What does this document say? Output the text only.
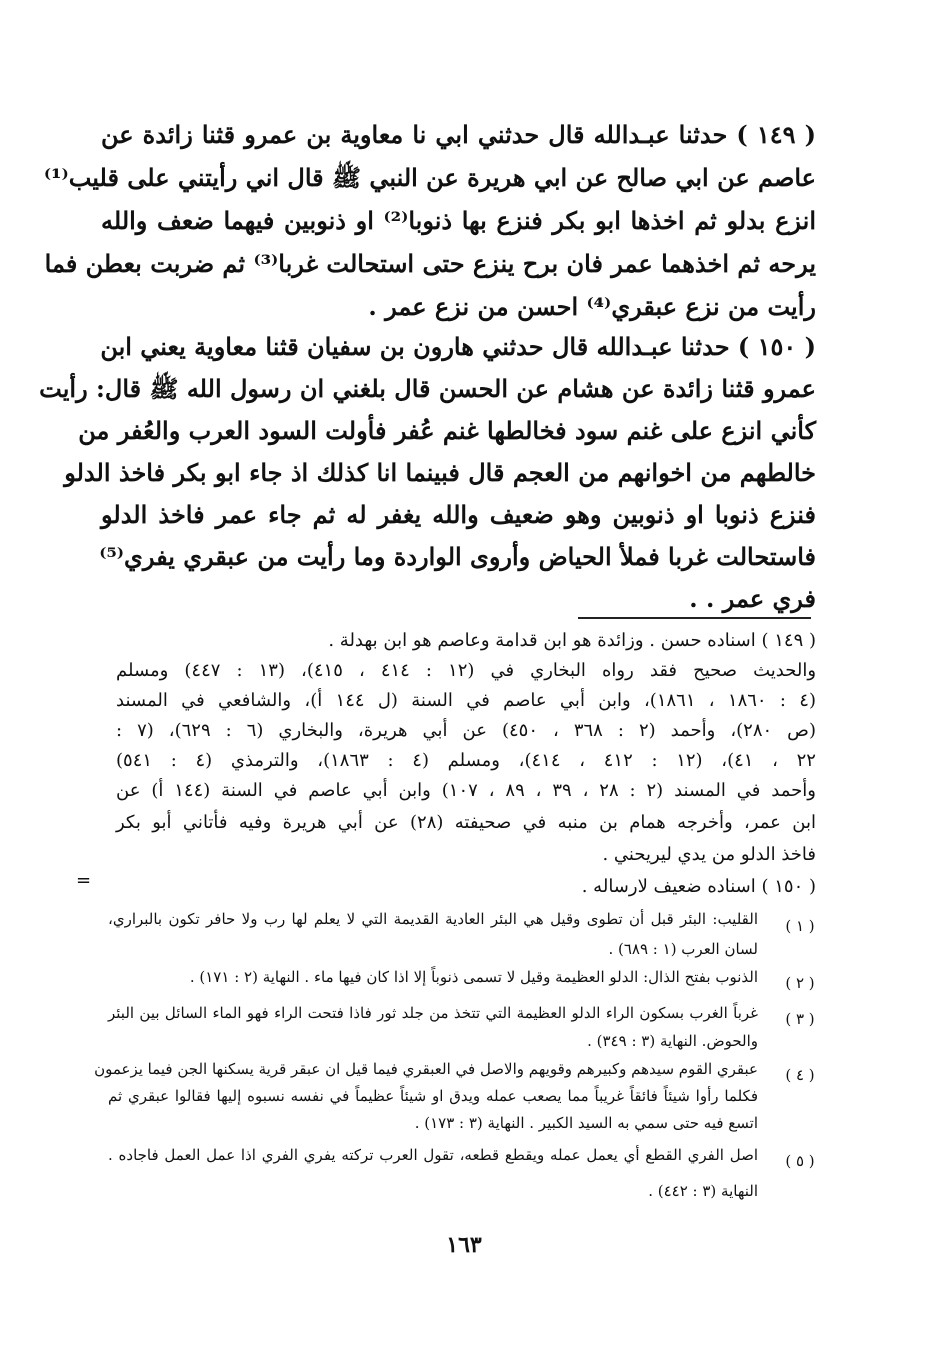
( ١٤٩ ) حدثنا عبـدالله قال حدثني ابي نا معاوية بن عمرو قثنا زائدة عن
عاصم عن ابي صالح عن ابي هريرة عن النبي ﷺ قال اني رأيتني على قليب⁽¹⁾
انزع بدلو ثم اخذها ابو بكر فنزع بها ذنوبا⁽²⁾ او ذنوبين فيهما ضعف والله
يرحه ثم اخذهما عمر فان برح ينزع حتى استحالت غربا⁽³⁾ ثم ضربت بعطن فما
رأيت من نزع عبقري⁽⁴⁾ احسن من نزع عمر .
( ١٥٠ ) حدثنا عبـدالله قال حدثني هارون بن سفيان قثنا معاوية يعني ابن
عمرو قثنا زائدة عن هشام عن الحسن قال بلغني ان رسول الله ﷺ قال: رأيت
كأني انزع على غنم سود فخالطها غنم عُفر فأولت السود العرب والعُفر من
خالطهم من اخوانهم من العجم قال فبينما انا كذلك اذ جاء ابو بكر فاخذ الدلو
فنزع ذنوبا او ذنوبين وهو ضعيف والله يغفر له ثم جاء عمر فاخذ الدلو
فاستحالت غربا فملأ الحياض وأروى الواردة وما رأيت من عبقري يفري⁽⁵⁾
فري عمر . .
( ١٤٩ ) اسناده حسن . وزائدة هو ابن قدامة وعاصم هو ابن بهدلة .
والحديث صحيح فقد رواه البخاري في (١٢ : ٤١٤ ، ٤١٥)، (١٣ : ٤٤٧) ومسلم
(٤ : ١٨٦٠ ، ١٨٦١)، وابن أبي عاصم في السنة (ل ١٤٤ أ)، والشافعي في المسند
(ص ٢٨٠)، وأحمد (٢ : ٣٦٨ ، ٤٥٠) عن أبي هريرة، والبخاري (٦ : ٦٢٩)، (٧ :
٢٢ ، ٤١)، (١٢ : ٤١٢ ، ٤١٤)، ومسلم (٤ : ١٨٦٣)، والترمذي (٤ : ٥٤١)
وأحمد في المسند (٢ : ٢٨ ، ٣٩ ، ٨٩ ، ١٠٧) وابن أبي عاصم في السنة (١٤٤ أ) عن
ابن عمر، وأخرجه همام بن منبه في صحيفته (٢٨) عن أبي هريرة وفيه فأتاني أبو بكر
فاخذ الدلو من يدي ليريحني .
=	( ١٥٠ ) اسناده ضعيف لارساله .
( ١ )
القليب: البئر قبل أن تطوى وقيل هي البئر العادية القديمة التي لا يعلم لها رب ولا حافر تكون بالبراري،
لسان العرب (١ : ٦٨٩) .
( ٢ )
الذنوب بفتح الذال: الدلو العظيمة وقيل لا تسمى ذنوباً إلا اذا كان فيها ماء . النهاية (٢ : ١٧١) .
( ٣ )
غرباً الغرب بسكون الراء الدلو العظيمة التي تتخذ من جلد ثور فاذا فتحت الراء فهو الماء السائل بين البئر
والحوض. النهاية (٣ : ٣٤٩) .
( ٤ )
عبقري القوم سيدهم وكبيرهم وقويهم والاصل في العبقري فيما قيل ان عبقر قرية يسكنها الجن فيما يزعمون
فكلما رأوا شيئاً فائقاً غريباً مما يصعب عمله ويدق او شيئاً عظيماً في نفسه نسبوه إليها فقالوا عبقري ثم
اتسع فيه حتى سمي به السيد الكبير . النهاية (٣ : ١٧٣) .
( ٥ )
اصل الفري القطع أي يعمل عمله ويقطع قطعه، تقول العرب تركته يفري الفري اذا عمل العمل فاجاده .
النهاية (٣ : ٤٤٢) .
١٦٣
